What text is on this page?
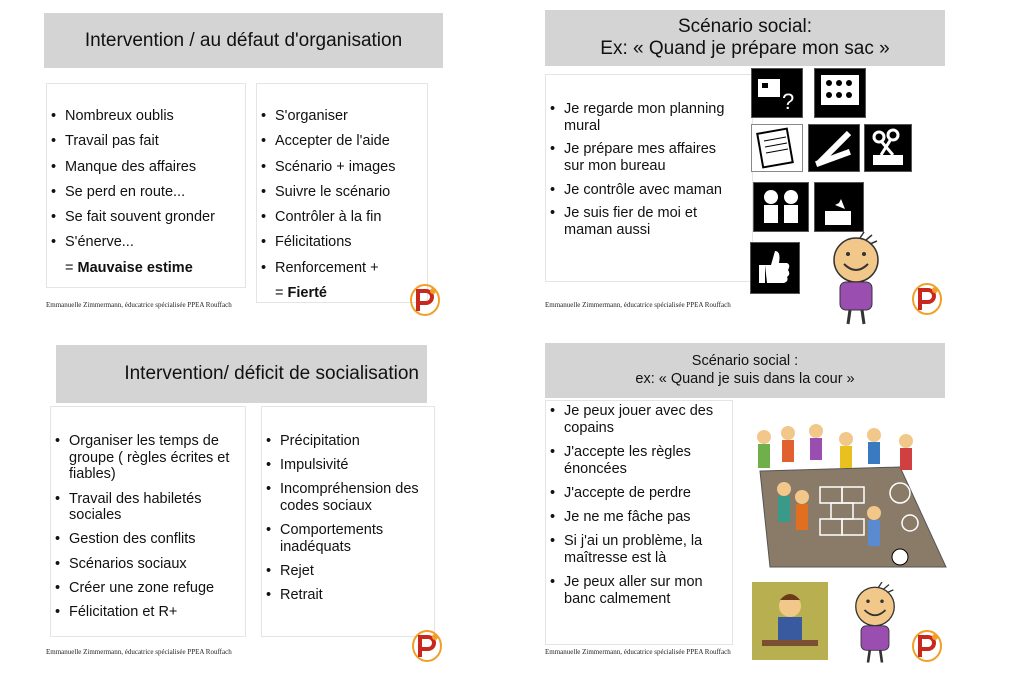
Intervention / au défaut d'organisation
• Nombreux oublis
• Travail pas fait
• Manque des affaires
• Se perd en route...
• Se fait souvent gronder
• S'énerve...
= Mauvaise estime
• S'organiser
• Accepter de l'aide
• Scénario + images
• Suivre le scénario
• Contrôler à la fin
• Félicitations
• Renforcement +
= Fierté
Emmanuelle Zimmermann, éducatrice spécialisée PPEA Rouffach
Scénario social:
Ex: « Quand je prépare mon sac »
• Je regarde mon planning mural
• Je prépare mes affaires sur mon bureau
• Je contrôle avec maman
• Je suis fier de moi et maman aussi
?
Emmanuelle Zimmermann, éducatrice spécialisée PPEA Rouffach
Intervention/ déficit de socialisation
• Organiser les temps de groupe ( règles écrites et fiables)
• Travail des habiletés sociales
• Gestion des conflits
• Scénarios sociaux
• Créer une zone refuge
• Félicitation et R+
• Précipitation
• Impulsivité
• Incompréhension des codes sociaux
• Comportements inadéquats
• Rejet
• Retrait
Emmanuelle Zimmermann, éducatrice spécialisée PPEA Rouffach
Scénario social :
ex: « Quand je suis dans la cour »
• Je peux jouer avec des copains
• J'accepte les règles énoncées
• J'accepte de perdre
• Je ne me fâche pas
• Si j'ai un problème, la maîtresse est là
• Je peux aller sur mon banc calmement
Emmanuelle Zimmermann, éducatrice spécialisée PPEA Rouffach
